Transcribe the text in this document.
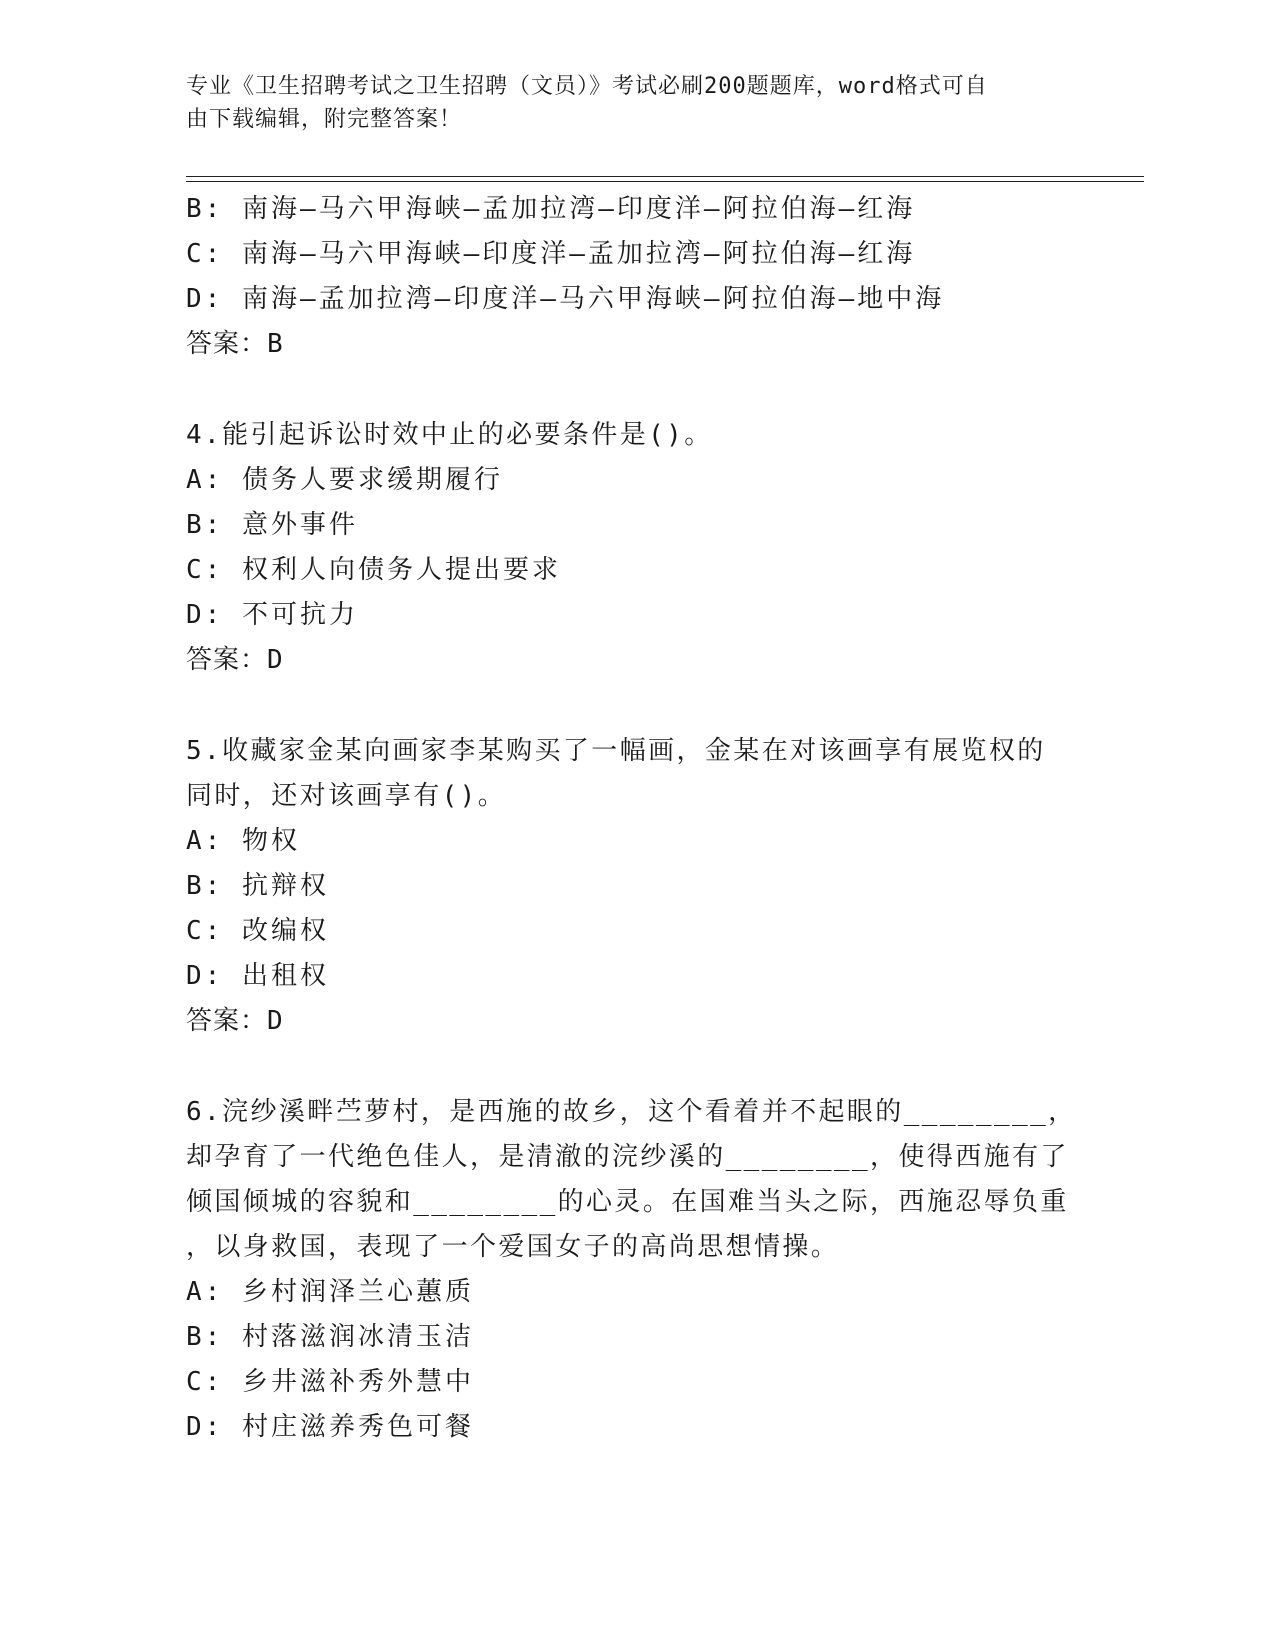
专业《卫生招聘考试之卫生招聘（文员）》考试必刷200题题库，word格式可自
由下载编辑，附完整答案！
B: 南海—马六甲海峡—孟加拉湾—印度洋—阿拉伯海—红海
C: 南海—马六甲海峡—印度洋—孟加拉湾—阿拉伯海—红海
D: 南海—孟加拉湾—印度洋—马六甲海峡—阿拉伯海—地中海
答案：B
4.能引起诉讼时效中止的必要条件是()。
A: 债务人要求缓期履行
B: 意外事件
C: 权利人向债务人提出要求
D: 不可抗力
答案：D
5.收藏家金某向画家李某购买了一幅画，金某在对该画享有展览权的
同时，还对该画享有()。
A: 物权
B: 抗辩权
C: 改编权
D: 出租权
答案：D
6.浣纱溪畔苎萝村，是西施的故乡，这个看着并不起眼的________，
却孕育了一代绝色佳人，是清澈的浣纱溪的________，使得西施有了
倾国倾城的容貌和________的心灵。在国难当头之际，西施忍辱负重
，以身救国，表现了一个爱国女子的高尚思想情操。
A: 乡村润泽兰心蕙质
B: 村落滋润冰清玉洁
C: 乡井滋补秀外慧中
D: 村庄滋养秀色可餐
